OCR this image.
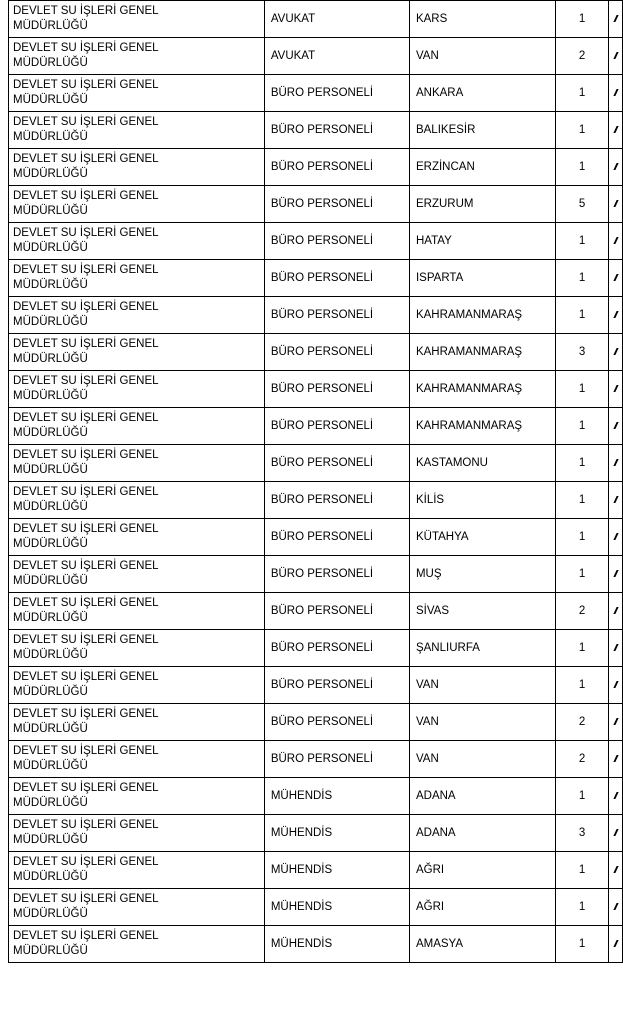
DEVLET SU İŞLERİ GENEL
MÜDÜRLÜĞÜ	AVUKAT	KARS	1	

DEVLET SU İŞLERİ GENEL
MÜDÜRLÜĞÜ	AVUKAT	VAN	2	

DEVLET SU İŞLERİ GENEL
MÜDÜRLÜĞÜ	BÜRO PERSONELİ	ANKARA	1	

DEVLET SU İŞLERİ GENEL
MÜDÜRLÜĞÜ	BÜRO PERSONELİ	BALIKESİR	1	

DEVLET SU İŞLERİ GENEL
MÜDÜRLÜĞÜ	BÜRO PERSONELİ	ERZİNCAN	1	

DEVLET SU İŞLERİ GENEL
MÜDÜRLÜĞÜ	BÜRO PERSONELİ	ERZURUM	5	

DEVLET SU İŞLERİ GENEL
MÜDÜRLÜĞÜ	BÜRO PERSONELİ	HATAY	1	

DEVLET SU İŞLERİ GENEL
MÜDÜRLÜĞÜ	BÜRO PERSONELİ	ISPARTA	1	

DEVLET SU İŞLERİ GENEL
MÜDÜRLÜĞÜ	BÜRO PERSONELİ	KAHRAMANMARAŞ	1	

DEVLET SU İŞLERİ GENEL
MÜDÜRLÜĞÜ	BÜRO PERSONELİ	KAHRAMANMARAŞ	3	

DEVLET SU İŞLERİ GENEL
MÜDÜRLÜĞÜ	BÜRO PERSONELİ	KAHRAMANMARAŞ	1	

DEVLET SU İŞLERİ GENEL
MÜDÜRLÜĞÜ	BÜRO PERSONELİ	KAHRAMANMARAŞ	1	

DEVLET SU İŞLERİ GENEL
MÜDÜRLÜĞÜ	BÜRO PERSONELİ	KASTAMONU	1	

DEVLET SU İŞLERİ GENEL
MÜDÜRLÜĞÜ	BÜRO PERSONELİ	KİLİS	1	

DEVLET SU İŞLERİ GENEL
MÜDÜRLÜĞÜ	BÜRO PERSONELİ	KÜTAHYA	1	

DEVLET SU İŞLERİ GENEL
MÜDÜRLÜĞÜ	BÜRO PERSONELİ	MUŞ	1	

DEVLET SU İŞLERİ GENEL
MÜDÜRLÜĞÜ	BÜRO PERSONELİ	SİVAS	2	

DEVLET SU İŞLERİ GENEL
MÜDÜRLÜĞÜ	BÜRO PERSONELİ	ŞANLIURFA	1	

DEVLET SU İŞLERİ GENEL
MÜDÜRLÜĞÜ	BÜRO PERSONELİ	VAN	1	

DEVLET SU İŞLERİ GENEL
MÜDÜRLÜĞÜ	BÜRO PERSONELİ	VAN	2	

DEVLET SU İŞLERİ GENEL
MÜDÜRLÜĞÜ	BÜRO PERSONELİ	VAN	2	

DEVLET SU İŞLERİ GENEL
MÜDÜRLÜĞÜ	MÜHENDİS	ADANA	1	

DEVLET SU İŞLERİ GENEL
MÜDÜRLÜĞÜ	MÜHENDİS	ADANA	3	

DEVLET SU İŞLERİ GENEL
MÜDÜRLÜĞÜ	MÜHENDİS	AĞRI	1	

DEVLET SU İŞLERİ GENEL
MÜDÜRLÜĞÜ	MÜHENDİS	AĞRI	1	

DEVLET SU İŞLERİ GENEL
MÜDÜRLÜĞÜ	MÜHENDİS	AMASYA	1	
